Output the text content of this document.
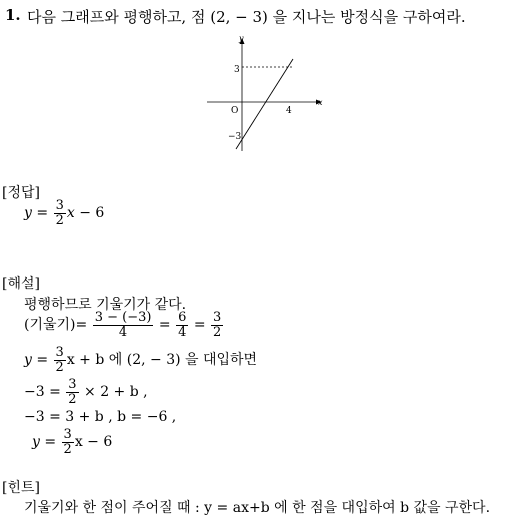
1. 다음 그래프와 평행하고, 점 (2, − 3) 을 지나는 방정식을 구하여라.
x
y
O
3
−3
4
[정답]
$y = \frac{3}{2}$ x − 6
[해설]
평행하므로 기울기가 같다.
(기울기)= $\frac{3 - (-3)}{4} = \frac{6}{4} = \frac{3}{2}$
$y = \frac{3}{2}$ x + b 에 (2, − 3) 을 대입하면
$-3 = \frac{3}{2} \times 2 + b$ ,
−3 = 3 + b , b = −6 ,
$y = \frac{3}{2}$ x − 6
[힌트]
기울기와 한 점이 주어질 때 : y = ax+b 에 한 점을 대입하여 b 값을 구한다.
